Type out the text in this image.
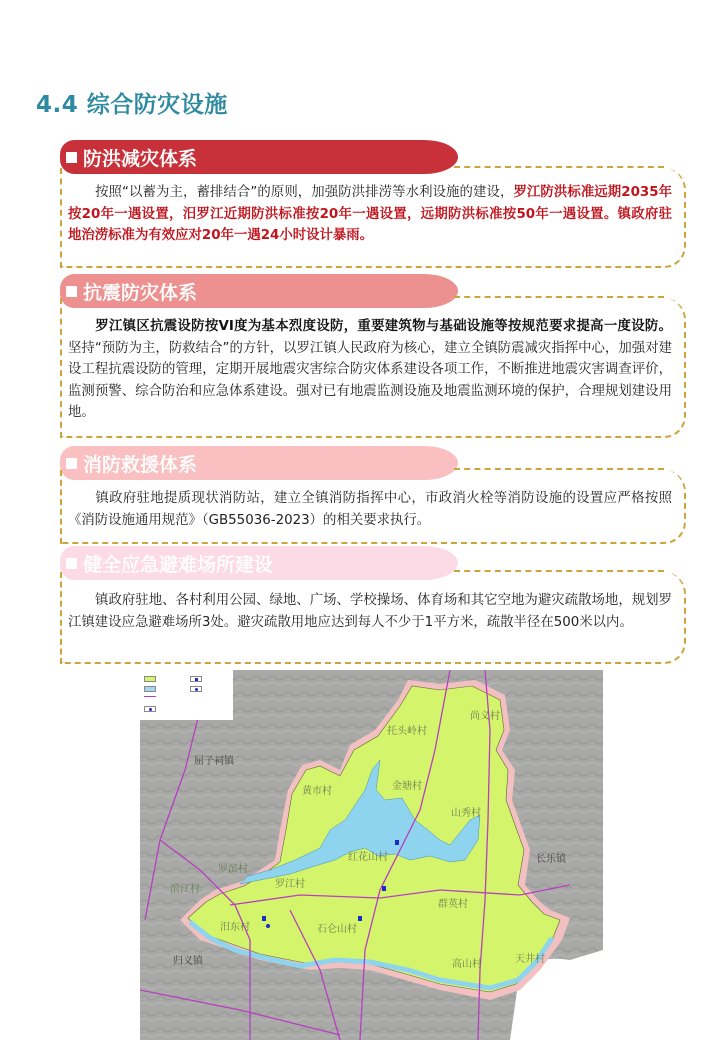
4.4 综合防灾设施
防洪减灾体系

按照“以蓄为主，蓄排结合”的原则，加强防洪排涝等水利设施的建设，罗江防洪标准远期2035年按20年一遇设置，汨罗江近期防洪标准按20年一遇设置，远期防洪标准按50年一遇设置。镇政府驻地治涝标准为有效应对20年一遇24小时设计暴雨。

抗震防灾体系

罗江镇区抗震设防按VI度为基本烈度设防，重要建筑物与基础设施等按规范要求提高一度设防。坚持“预防为主，防救结合”的方针，以罗江镇人民政府为核心，建立全镇防震减灾指挥中心，加强对建设工程抗震设防的管理，定期开展地震灾害综合防灾体系建设各项工作，不断推进地震灾害调查评价，监测预警、综合防治和应急体系建设。强对已有地震监测设施及地震监测环境的保护，合理规划建设用地。

消防救援体系

镇政府驻地提质现状消防站，建立全镇消防指挥中心，市政消火栓等消防设施的设置应严格按照《消防设施通用规范》（GB55036-2023）的相关要求执行。

健全应急避难场所建设

镇政府驻地、各村利用公园、绿地、广场、学校操场、体育场和其它空地为避灾疏散场地，规划罗江镇建设应急避难场所3处。避灾疏散用地应达到每人不少于1平方米，疏散半径在500米以内。

屈子祠镇
长乐镇
归义镇
托头岭村
尚义村
黄市村	金塘村
山秀村
红花山村
罗滨村
滨江村	罗江村
群英村
汨东村	石仑山村
高山村	天井村
